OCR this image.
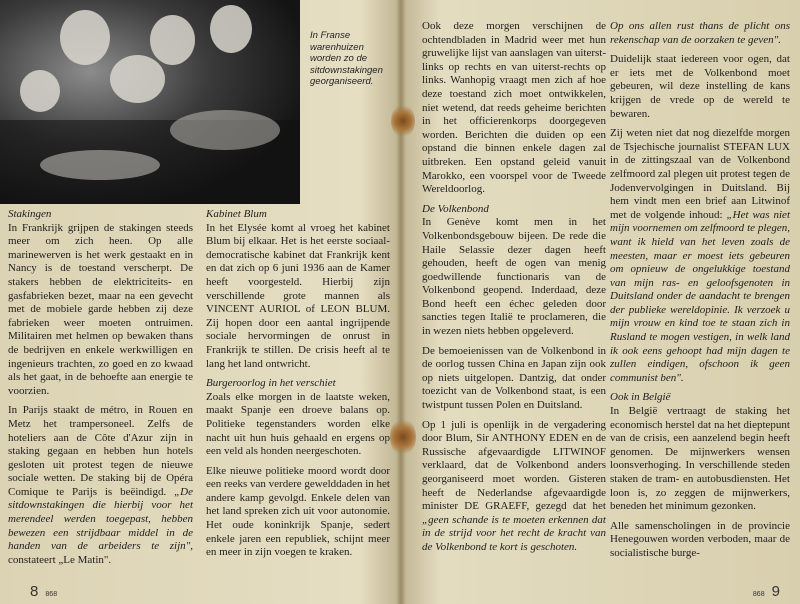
In Franse warenhuizen worden zo de sitdownstakingen georganiseerd.
Stakingen

In Frankrijk grijpen de stakingen steeds meer om zich heen. Op alle marinewerven is het werk gestaakt en in Nancy is de toestand verscherpt. De stakers hebben de elektriciteits- en gasfabrieken bezet, maar na een gevecht met de mobiele garde hebben zij deze fabrieken weer moeten ontruimen. Militairen met helmen op bewaken thans de bedrijven en enkele werkwilligen en ingenieurs trachten, zo goed en zo kwaad als het gaat, in de behoefte aan energie te voorzien.

In Parijs staakt de métro, in Rouen en Metz het trampersoneel. Zelfs de hoteliers aan de Côte d'Azur zijn in staking gegaan en hebben hun hotels gesloten uit protest tegen de nieuwe sociale wetten. De staking bij de Opéra Comique te Parijs is beëindigd. „De sitdownstakingen die hierbij voor het merendeel werden toegepast, hebben bewezen een strijdbaar middel in de handen van de arbeiders te zijn", constateert „Le Matin".

Kabinet Blum

In het Elysée komt al vroeg het kabinet Blum bij elkaar. Het is het eerste sociaal-democratische kabinet dat Frankrijk kent en dat zich op 6 juni 1936 aan de Kamer heeft voorgesteld. Hierbij zijn verschillende grote mannen als VINCENT AURIOL of LEON BLUM. Zij hopen door een aantal ingrijpende sociale hervormingen de onrust in Frankrijk te stillen. De crisis heeft al te lang het land ontwricht.

Burgeroorlog in het verschiet

Zoals elke morgen in de laatste weken, maakt Spanje een droeve balans op. Politieke tegenstanders worden elke nacht uit hun huis gehaald en ergens op een veld als honden neergeschoten.

Elke nieuwe politieke moord wordt door een reeks van verdere gewelddaden in het andere kamp gevolgd. Enkele delen van het land spreken zich uit voor autonomie. Het oude koninkrijk Spanje, sedert enkele jaren een republiek, schijnt meer en meer in zijn voegen te kraken.

8 868

Ook deze morgen verschijnen de ochtendbladen in Madrid weer met hun gruwelijke lijst van aanslagen van uiterst-links op rechts en van uiterst-rechts op links. Wanhopig vraagt men zich af hoe deze toestand zich moet ontwikkelen, niet wetend, dat reeds geheime berichten in het officierenkorps doorgegeven worden. Berichten die duiden op een opstand die binnen enkele dagen zal uitbreken. Een opstand geleid vanuit Marokko, een voorspel voor de Tweede Wereldoorlog.

De Volkenbond

In Genève komt men in het Volkenbondsgebouw bijeen. De rede die Haile Selassie dezer dagen heeft gehouden, heeft de ogen van menig goedwillende functionaris van de Volkenbond geopend. Inderdaad, deze Bond heeft een échec geleden door sancties tegen Italië te proclameren, die in wezen niets hebben opgeleverd.

De bemoeienissen van de Volkenbond in de oorlog tussen China en Japan zijn ook op niets uitgelopen. Dantzig, dat onder toezicht van de Volkenbond staat, is een twistpunt tussen Polen en Duitsland.

Op 1 juli is openlijk in de vergadering door Blum, Sir ANTHONY EDEN en de Russische afgevaardigde LITWINOF verklaard, dat de Volkenbond anders georganiseerd moet worden. Gisteren heeft de Nederlandse afgevaardigde minister DE GRAEFF, gezegd dat het „geen schande is te moeten erkennen dat in de strijd voor het recht de kracht van de Volkenbond te kort is geschoten.

Op ons allen rust thans de plicht ons rekenschap van de oorzaken te geven".

Duidelijk staat iedereen voor ogen, dat er iets met de Volkenbond moet gebeuren, wil deze instelling de kans krijgen de vrede op de wereld te bewaren.

Zij weten niet dat nog diezelfde morgen de Tsjechische journalist STEFAN LUX in de zittingszaal van de Volkenbond zelfmoord zal plegen uit protest tegen de Jodenvervolgingen in Duitsland. Bij hem vindt men een brief aan Litwinof met de volgende inhoud: „Het was niet mijn voornemen om zelfmoord te plegen, want ik hield van het leven zoals de meesten, maar er moest iets gebeuren om opnieuw de ongelukkige toestand van mijn ras- en geloofsgenoten in Duitsland onder de aandacht te brengen der publieke wereldopinie. Ik verzoek u mijn vrouw en kind toe te staan zich in Rusland te mogen vestigen, in welk land ik ook eens gehoopt had mijn dagen te zullen eindigen, ofschoon ik geen communist ben".

Ook in België

In België vertraagt de staking het economisch herstel dat na het dieptepunt van de crisis, een aanzelend begin heeft genomen. De mijnwerkers wensen loonsverhoging. In verschillende steden staken de tram- en autobusdiensten. Het loon is, zo zeggen de mijnwerkers, beneden het minimum gezonken.

Alle samenscholingen in de provincie Henegouwen worden verboden, maar de socialistische burge-

868 9
